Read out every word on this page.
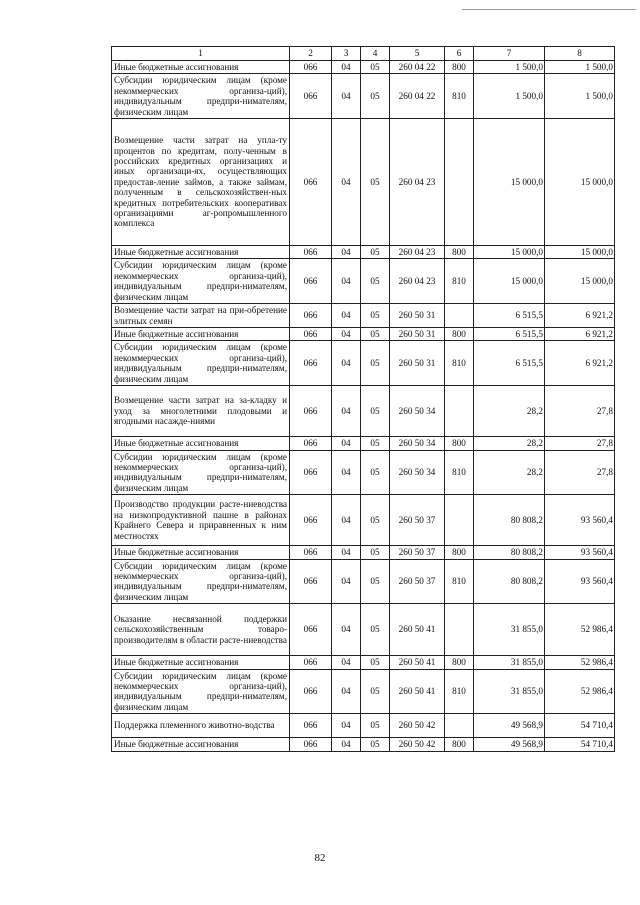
1	2	3	4	5	6	7	8
Иные бюджетные ассигнования	066	04	05	260 04 22	800	1 500,0	1 500,0
Субсидии юридическим лицам (кроме некоммерческих организа-ций), индивидуальным предпри-нимателям, физическим лицам	066	04	05	260 04 22	810	1 500,0	1 500,0
Возмещение части затрат на упла-ту процентов по кредитам, полу-ченным в российских кредитных организациях и иных организаци-ях, осуществляющих предостав-ление займов, а также займам, полученным в сельскохозяйствен-ных кредитных потребительских кооперативах организациями аг-ропромышленного комплекса	066	04	05	260 04 23		15 000,0	15 000,0
Иные бюджетные ассигнования	066	04	05	260 04 23	800	15 000,0	15 000,0
Субсидии юридическим лицам (кроме некоммерческих организа-ций), индивидуальным предпри-нимателям, физическим лицам	066	04	05	260 04 23	810	15 000,0	15 000,0
Возмещение части затрат на при-обретение элитных семян	066	04	05	260 50 31		6 515,5	6 921,2
Иные бюджетные ассигнования	066	04	05	260 50 31	800	6 515,5	6 921,2
Субсидии юридическим лицам (кроме некоммерческих организа-ций), индивидуальным предпри-нимателям, физическим лицам	066	04	05	260 50 31	810	6 515,5	6 921,2
Возмещение части затрат на за-кладку и уход за многолетними плодовыми и ягодными насажде-ниями	066	04	05	260 50 34		28,2	27,8
Иные бюджетные ассигнования	066	04	05	260 50 34	800	28,2	27,8
Субсидии юридическим лицам (кроме некоммерческих организа-ций), индивидуальным предпри-нимателям, физическим лицам	066	04	05	260 50 34	810	28,2	27,8
Производство продукции расте-ниеводства на низкопродуктивной пашне в районах Крайнего Севера и приравненных к ним местностях	066	04	05	260 50 37		80 808,2	93 560,4
Иные бюджетные ассигнования	066	04	05	260 50 37	800	80 808,2	93 560,4
Субсидии юридическим лицам (кроме некоммерческих организа-ций), индивидуальным предпри-нимателям, физическим лицам	066	04	05	260 50 37	810	80 808,2	93 560,4
Оказание несвязанной поддержки сельскохозяйственным товаро-производителям в области расте-ниеводства	066	04	05	260 50 41		31 855,0	52 986,4
Иные бюджетные ассигнования	066	04	05	260 50 41	800	31 855,0	52 986,4
Субсидии юридическим лицам (кроме некоммерческих организа-ций), индивидуальным предпри-нимателям, физическим лицам	066	04	05	260 50 41	810	31 855,0	52 986,4
Поддержка племенного животно-водства	066	04	05	260 50 42		49 568,9	54 710,4
Иные бюджетные ассигнования	066	04	05	260 50 42	800	49 568,9	54 710,4
82
